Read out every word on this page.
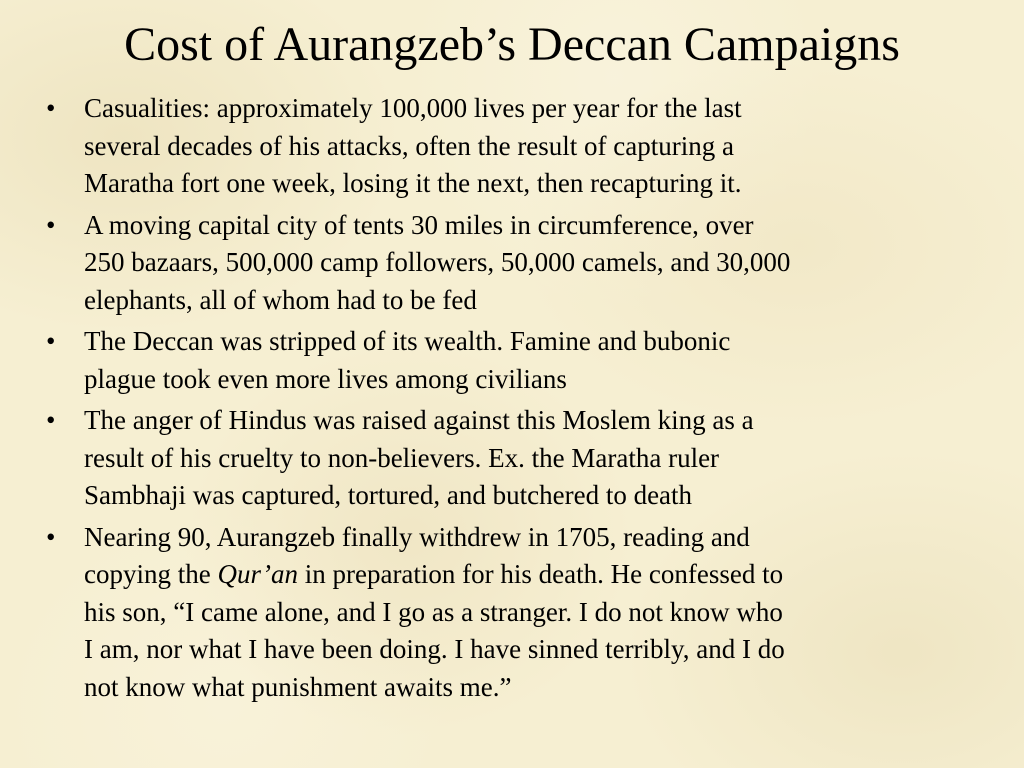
Cost of Aurangzeb’s Deccan Campaigns
•	Casualities: approximately 100,000 lives per year for the last
several decades of his attacks, often the result of capturing a
Maratha fort one week, losing it the next, then recapturing it.
•	A moving capital city of tents 30 miles in circumference, over
250 bazaars, 500,000 camp followers, 50,000 camels, and 30,000
elephants, all of whom had to be fed
•	The Deccan was stripped of its wealth. Famine and bubonic
plague took even more lives among civilians
•	The anger of Hindus was raised against this Moslem king as a
result of his cruelty to non-believers. Ex. the Maratha ruler
Sambhaji was captured, tortured, and butchered to death
•	Nearing 90, Aurangzeb finally withdrew in 1705, reading and
copying the Qur’an in preparation for his death. He confessed to
his son, “I came alone, and I go as a stranger. I do not know who
I am, nor what I have been doing. I have sinned terribly, and I do
not know what punishment awaits me.”
